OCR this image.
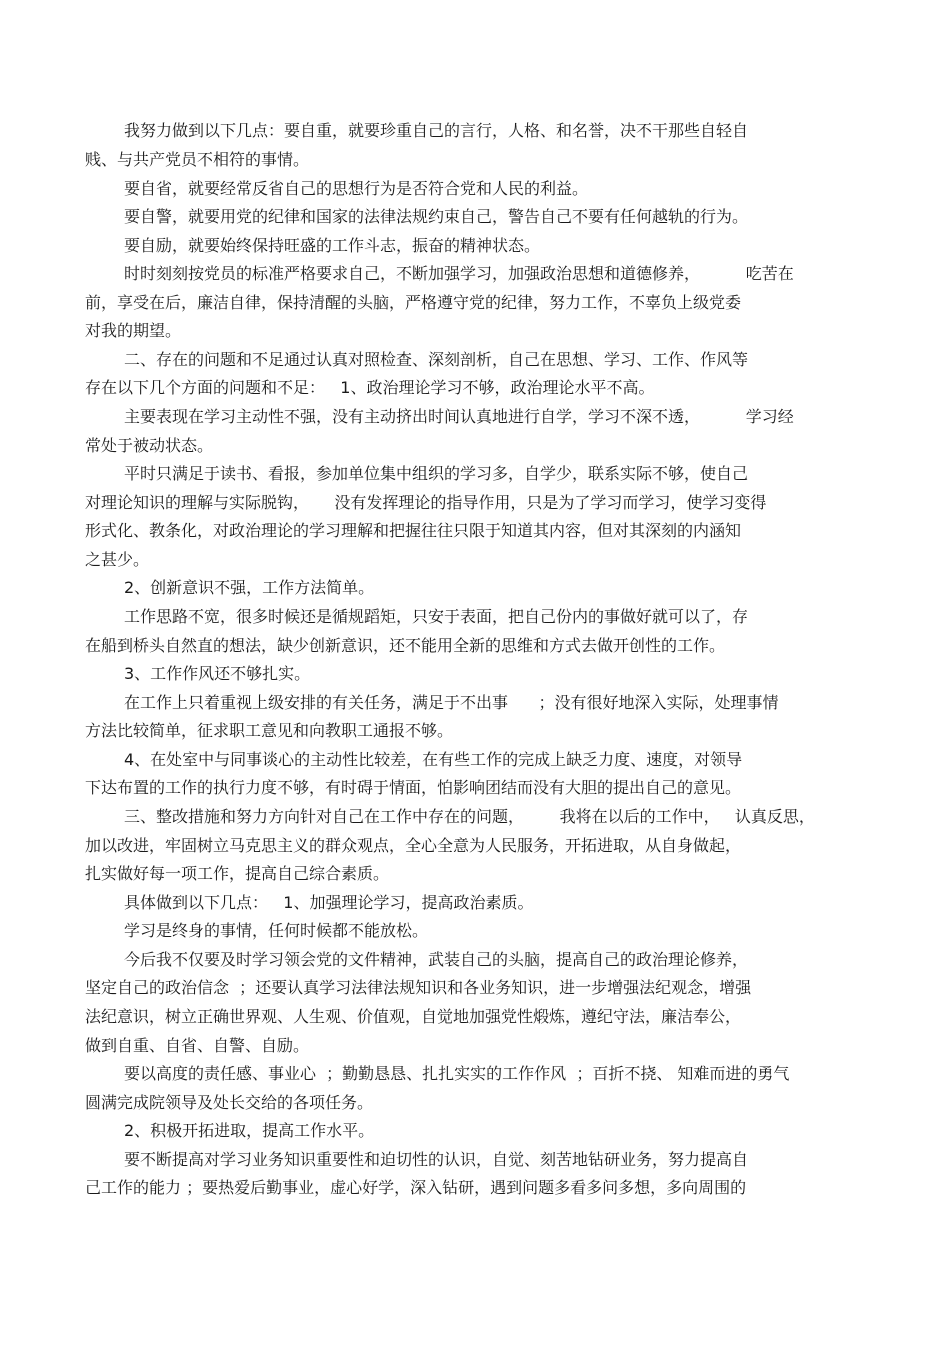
我努力做到以下几点：要自重，就要珍重自己的言行，人格、和名誉，决不干那些自轻自
贱、与共产党员不相符的事情。
要自省，就要经常反省自己的思想行为是否符合党和人民的利益。
要自警，就要用党的纪律和国家的法律法规约束自己，警告自己不要有任何越轨的行为。
要自励，就要始终保持旺盛的工作斗志，振奋的精神状态。
时时刻刻按党员的标准严格要求自己，不断加强学习，加强政治思想和道德修养，         吃苦在
前，享受在后，廉洁自律，保持清醒的头脑，严格遵守党的纪律，努力工作，不辜负上级党委
对我的期望。
二、存在的问题和不足通过认真对照检查、深刻剖析，自己在思想、学习、工作、作风等
存在以下几个方面的问题和不足：   1、政治理论学习不够，政治理论水平不高。
主要表现在学习主动性不强，没有主动挤出时间认真地进行自学，学习不深不透，         学习经
常处于被动状态。
平时只满足于读书、看报，参加单位集中组织的学习多，自学少，联系实际不够，使自己
对理论知识的理解与实际脱钩，     没有发挥理论的指导作用，只是为了学习而学习，使学习变得
形式化、教条化，对政治理论的学习理解和把握往往只限于知道其内容，但对其深刻的内涵知
之甚少。
2、创新意识不强，工作方法简单。
工作思路不宽，很多时候还是循规蹈矩，只安于表面，把自己份内的事做好就可以了，存
在船到桥头自然直的想法，缺少创新意识，还不能用全新的思维和方式去做开创性的工作。
3、工作作风还不够扎实。
在工作上只着重视上级安排的有关任务，满足于不出事      ；没有很好地深入实际，处理事情
方法比较简单，征求职工意见和向教职工通报不够。
4、在处室中与同事谈心的主动性比较差，在有些工作的完成上缺乏力度、速度，对领导
下达布置的工作的执行力度不够，有时碍于情面，怕影响团结而没有大胆的提出自己的意见。
三、整改措施和努力方向针对自己在工作中存在的问题，       我将在以后的工作中，   认真反思，
加以改进，牢固树立马克思主义的群众观点，全心全意为人民服务，开拓进取，从自身做起，
扎实做好每一项工作，提高自己综合素质。
具体做到以下几点：   1、加强理论学习，提高政治素质。
学习是终身的事情，任何时候都不能放松。
今后我不仅要及时学习领会党的文件精神，武装自己的头脑，提高自己的政治理论修养，
坚定自己的政治信念  ；还要认真学习法律法规知识和各业务知识，进一步增强法纪观念，增强
法纪意识，树立正确世界观、人生观、价值观，自觉地加强党性煅炼，遵纪守法，廉洁奉公，
做到自重、自省、自警、自励。
要以高度的责任感、事业心  ；勤勤恳恳、扎扎实实的工作作风  ；百折不挠、 知难而进的勇气
圆满完成院领导及处长交给的各项任务。
2、积极开拓进取，提高工作水平。
要不断提高对学习业务知识重要性和迫切性的认识，自觉、刻苦地钻研业务，努力提高自
己工作的能力 ；要热爱后勤事业，虚心好学，深入钻研，遇到问题多看多问多想，多向周围的
